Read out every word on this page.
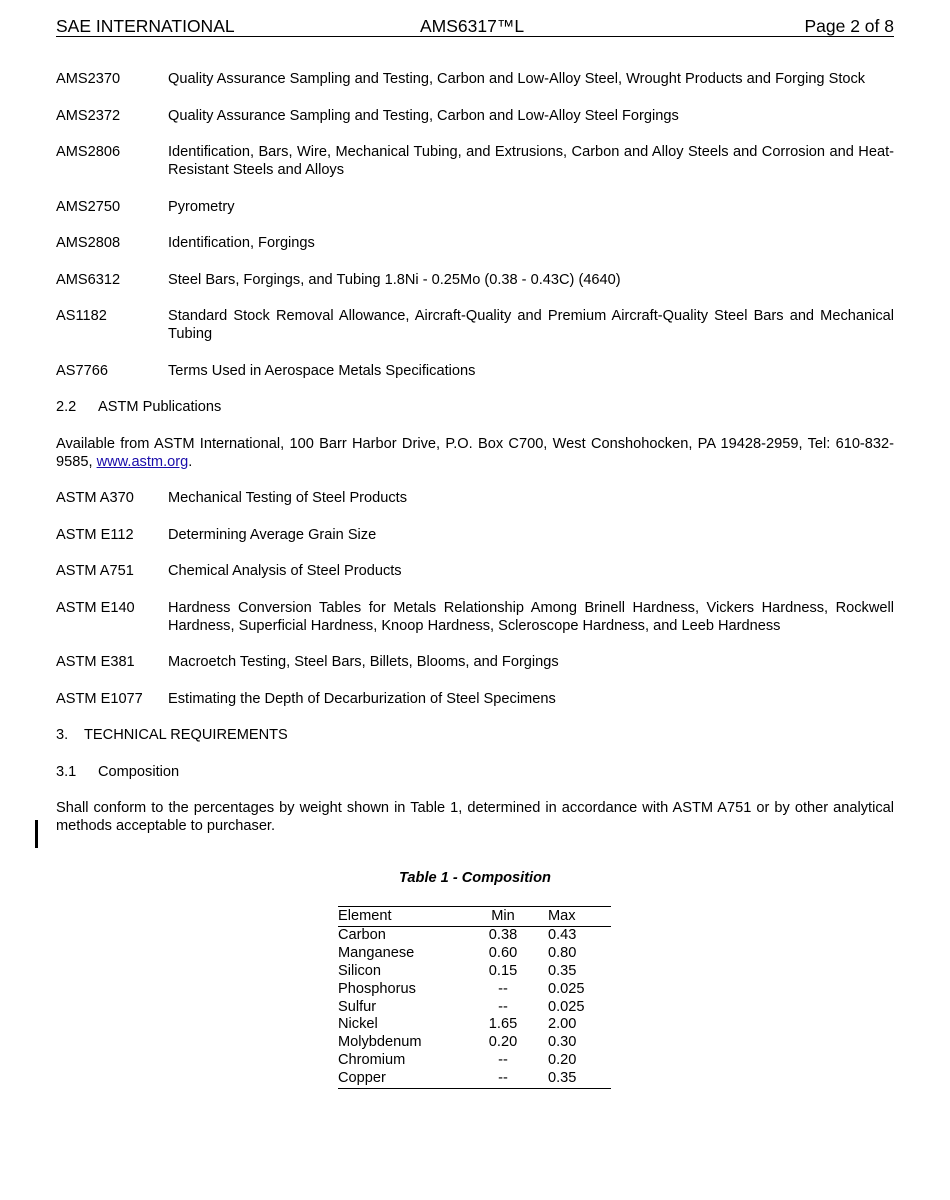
SAE INTERNATIONAL	AMS6317™L	Page 2 of 8
AMS2370	Quality Assurance Sampling and Testing, Carbon and Low-Alloy Steel, Wrought Products and Forging Stock
AMS2372	Quality Assurance Sampling and Testing, Carbon and Low-Alloy Steel Forgings
AMS2806	Identification, Bars, Wire, Mechanical Tubing, and Extrusions, Carbon and Alloy Steels and Corrosion and Heat-Resistant Steels and Alloys
AMS2750	Pyrometry
AMS2808	Identification, Forgings
AMS6312	Steel Bars, Forgings, and Tubing 1.8Ni - 0.25Mo (0.38 - 0.43C) (4640)
AS1182	Standard Stock Removal Allowance, Aircraft-Quality and Premium Aircraft-Quality Steel Bars and Mechanical Tubing
AS7766	Terms Used in Aerospace Metals Specifications
2.2 ASTM Publications
Available from ASTM International, 100 Barr Harbor Drive, P.O. Box C700, West Conshohocken, PA 19428-2959, Tel: 610-832-9585, www.astm.org.
ASTM A370	Mechanical Testing of Steel Products
ASTM E112	Determining Average Grain Size
ASTM A751	Chemical Analysis of Steel Products
ASTM E140	Hardness Conversion Tables for Metals Relationship Among Brinell Hardness, Vickers Hardness, Rockwell Hardness, Superficial Hardness, Knoop Hardness, Scleroscope Hardness, and Leeb Hardness
ASTM E381	Macroetch Testing, Steel Bars, Billets, Blooms, and Forgings
ASTM E1077	Estimating the Depth of Decarburization of Steel Specimens
3. TECHNICAL REQUIREMENTS
3.1 Composition
Shall conform to the percentages by weight shown in Table 1, determined in accordance with ASTM A751 or by other analytical methods acceptable to purchaser.
Table 1 - Composition
Element	Min	Max
Carbon	0.38	0.43
Manganese	0.60	0.80
Silicon	0.15	0.35
Phosphorus	--	0.025
Sulfur	--	0.025
Nickel	1.65	2.00
Molybdenum	0.20	0.30
Chromium	--	0.20
Copper	--	0.35
